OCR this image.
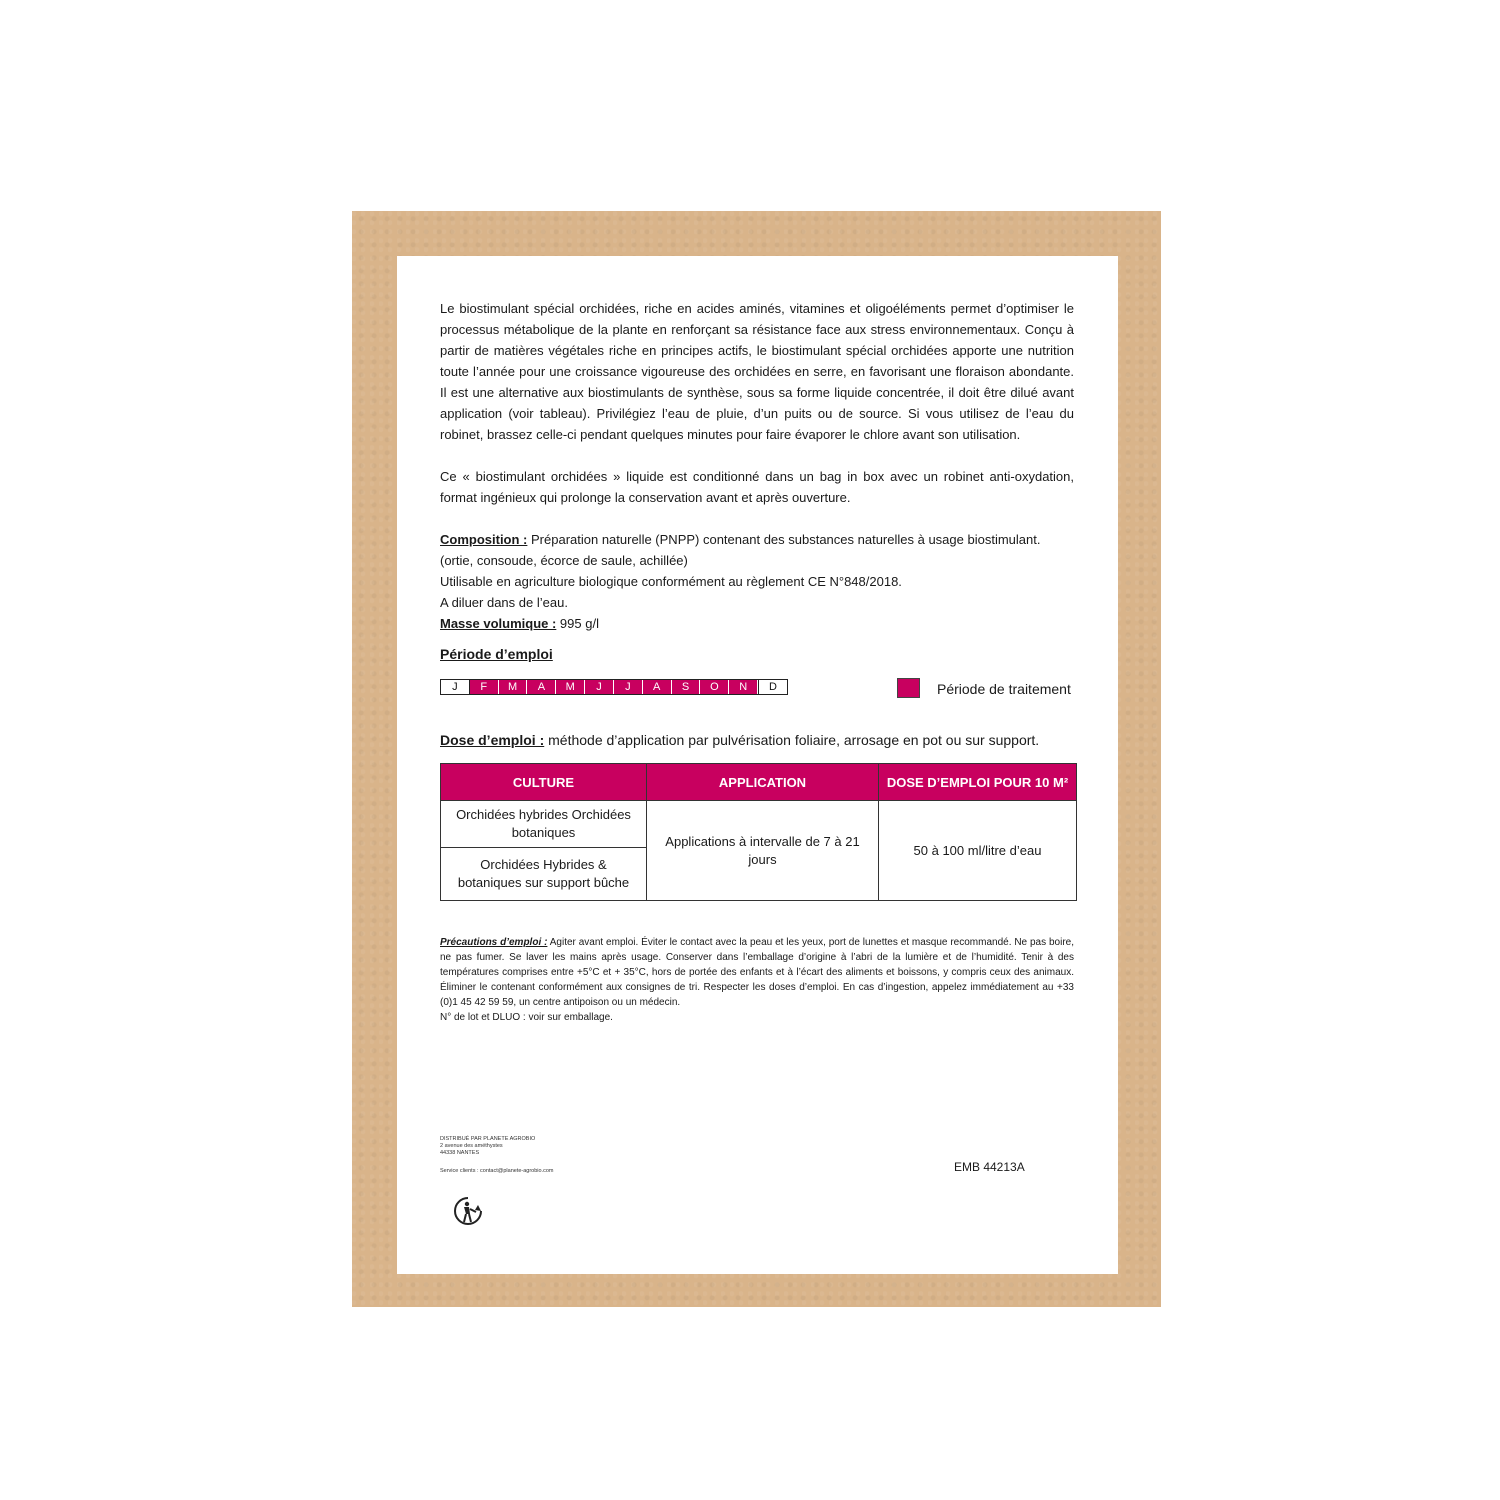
Le biostimulant spécial orchidées, riche en acides aminés, vitamines et oligoéléments permet d’optimiser le processus métabolique de la plante en renforçant sa résistance face aux stress environnementaux. Conçu à partir de matières végétales riche en principes actifs, le biostimulant spécial orchidées apporte une nutrition toute l’année pour une croissance vigoureuse des orchidées en serre, en favorisant une floraison abondante. Il est une alternative aux biostimulants de synthèse, sous sa forme liquide concentrée, il doit être dilué avant application (voir tableau). Privilégiez l’eau de pluie, d’un puits ou de source. Si vous utilisez de l’eau du robinet, brassez celle-ci pendant quelques minutes pour faire évaporer le chlore avant son utilisation.

Ce « biostimulant orchidées » liquide est conditionné dans un bag in box avec un robinet anti-oxydation, format ingénieux qui prolonge la conservation avant et après ouverture.

Composition : Préparation naturelle (PNPP) contenant des substances naturelles à usage biostimulant.
(ortie, consoude, écorce de saule, achillée)
Utilisable en agriculture biologique conformément au règlement CE N°848/2018.
A diluer dans de l’eau.
Masse volumique : 995 g/l
Période d’emploi
J	F	M	A	M	J	J	A	S	O	N	D	Période de traitement
Dose d’emploi : méthode d’application par pulvérisation foliaire, arrosage en pot ou sur support.
CULTURE	APPLICATION	DOSE D’EMPLOI POUR 10 M²
Orchidées hybrides Orchidées botaniques	Applications à intervalle de 7 à 21 jours	50 à 100 ml/litre d’eau
Orchidées Hybrides & botaniques sur support bûche		

Précautions d’emploi : Agiter avant emploi. Éviter le contact avec la peau et les yeux, port de lunettes et masque recommandé. Ne pas boire, ne pas fumer. Se laver les mains après usage. Conserver dans l’emballage d’origine à l’abri de la lumière et de l’humidité. Tenir à des températures comprises entre +5°C et + 35°C, hors de portée des enfants et à l’écart des aliments et boissons, y compris ceux des animaux. Éliminer le contenant conformément aux consignes de tri. Respecter les doses d’emploi. En cas d’ingestion, appelez immédiatement au +33 (0)1 45 42 59 59, un centre antipoison ou un médecin.
N° de lot et DLUO : voir sur emballage.

DISTRIBUÉ PAR PLANETE AGROBIO
2 avenue des améthystes
44338 NANTES
Service clients : contact@planete-agrobio.com	EMB 44213A
